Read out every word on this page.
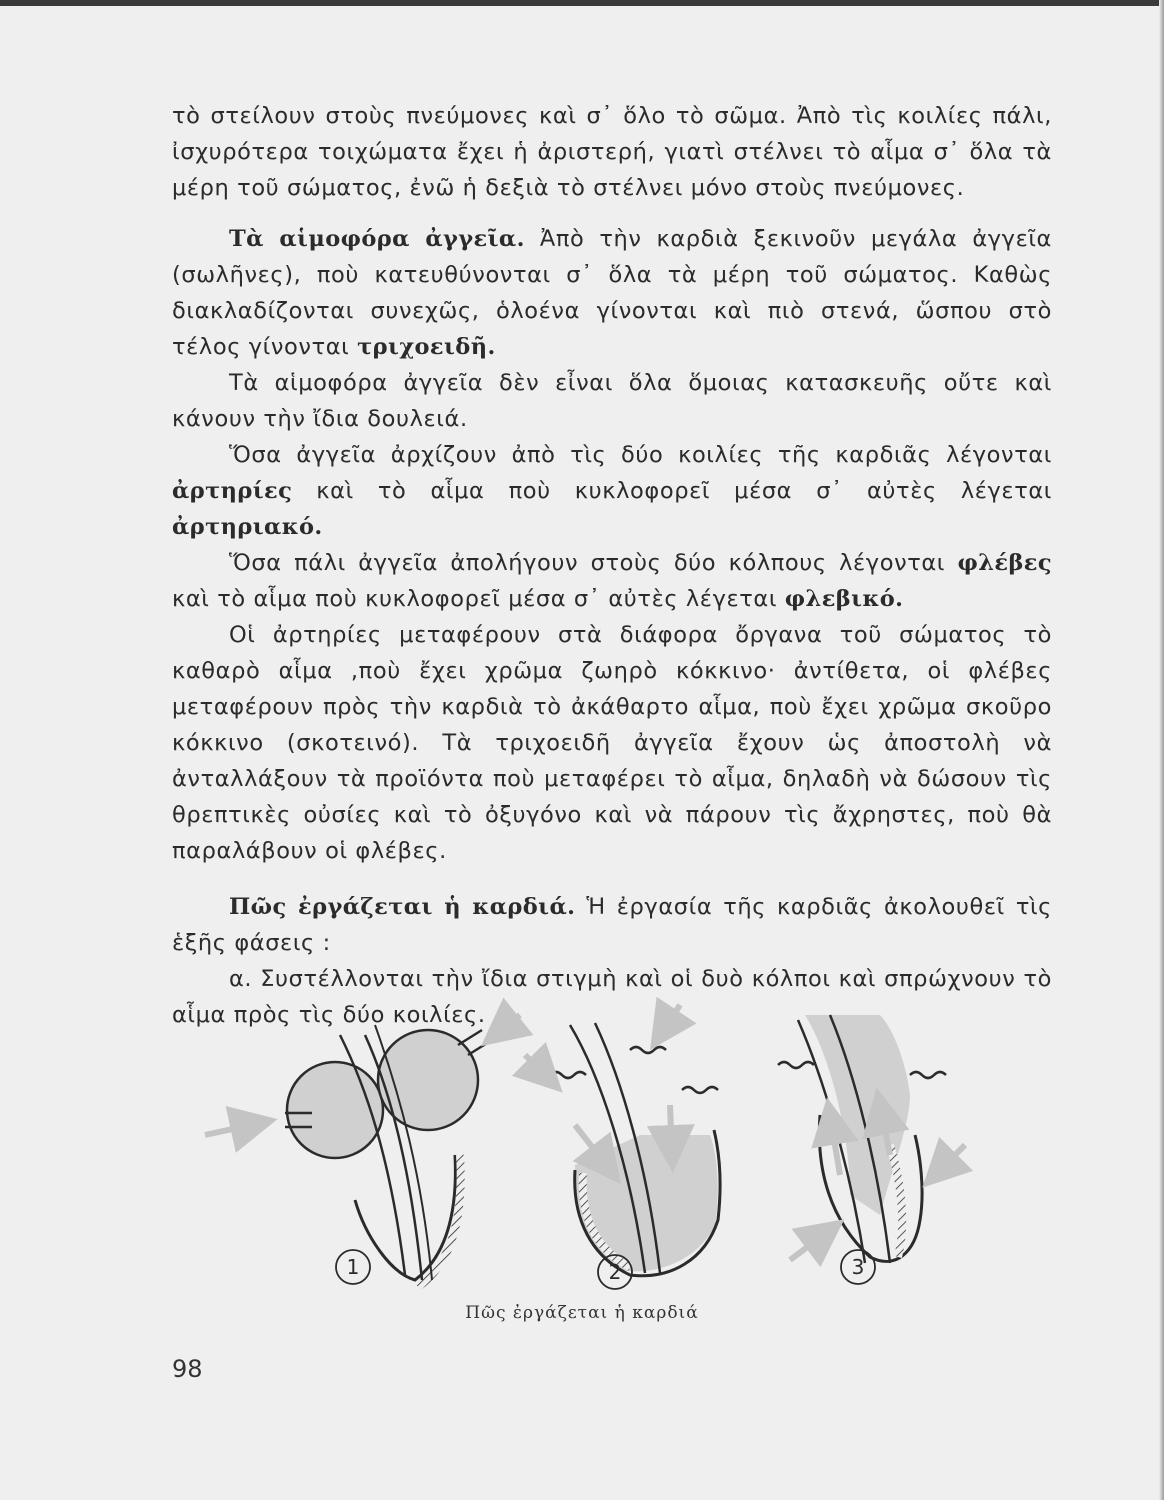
τὸ στείλουν στοὺς πνεύμονες καὶ σ᾽ ὅλο τὸ σῶμα. Ἀπὸ τὶς κοιλίες πάλι, ἰσχυρότερα τοιχώματα ἔχει ἡ ἀριστερή, γιατὶ στέλνει τὸ αἷμα σ᾽ ὅλα τὰ μέρη τοῦ σώματος, ἐνῶ ἡ δεξιὰ τὸ στέλνει μόνο στοὺς πνεύμονες.

Τὰ αἱμοφόρα ἀγγεῖα. Ἀπὸ τὴν καρδιὰ ξεκινοῦν μεγάλα ἀγγεῖα (σωλῆνες), ποὺ κατευθύνονται σ᾽ ὅλα τὰ μέρη τοῦ σώματος. Καθὼς διακλαδίζονται συνεχῶς, ὁλοένα γίνονται καὶ πιὸ στενά, ὥσπου στὸ τέλος γίνονται τριχοειδῆ.

Τὰ αἱμοφόρα ἀγγεῖα δὲν εἶναι ὅλα ὅμοιας κατασκευῆς οὔτε καὶ κάνουν τὴν ἴδια δουλειά.

Ὅσα ἀγγεῖα ἀρχίζουν ἀπὸ τὶς δύο κοιλίες τῆς καρδιᾶς λέγονται ἀρτηρίες καὶ τὸ αἷμα ποὺ κυκλοφορεῖ μέσα σ᾽ αὐτὲς λέγεται ἀρτηριακό.

Ὅσα πάλι ἀγγεῖα ἀπολήγουν στοὺς δύο κόλπους λέγονται φλέβες καὶ τὸ αἷμα ποὺ κυκλοφορεῖ μέσα σ᾽ αὐτὲς λέγεται φλεβικό.

Οἱ ἀρτηρίες μεταφέρουν στὰ διάφορα ὄργανα τοῦ σώματος τὸ καθαρὸ αἷμα ,ποὺ ἔχει χρῶμα ζωηρὸ κόκκινο· ἀντίθετα, οἱ φλέβες μεταφέρουν πρὸς τὴν καρδιὰ τὸ ἀκάθαρτο αἷμα, ποὺ ἔχει χρῶμα σκοῦρο κόκκινο (σκοτεινό). Τὰ τριχοειδῆ ἀγγεῖα ἔχουν ὡς ἀποστολὴ νὰ ἀνταλλάξουν τὰ προϊόντα ποὺ μεταφέρει τὸ αἷμα, δηλαδὴ νὰ δώσουν τὶς θρεπτικὲς οὐσίες καὶ τὸ ὀξυγόνο καὶ νὰ πάρουν τὶς ἄχρηστες, ποὺ θὰ παραλάβουν οἱ φλέβες.

Πῶς ἐργάζεται ἡ καρδιά. Ἡ ἐργασία τῆς καρδιᾶς ἀκολουθεῖ τὶς ἑξῆς φάσεις :

α. Συστέλλονται τὴν ἴδια στιγμὴ καὶ οἱ δυὸ κόλποι καὶ σπρώχνουν τὸ αἷμα πρὸς τὶς δύο κοιλίες.

1	2	3
Πῶς ἐργάζεται ἡ καρδιά
98
